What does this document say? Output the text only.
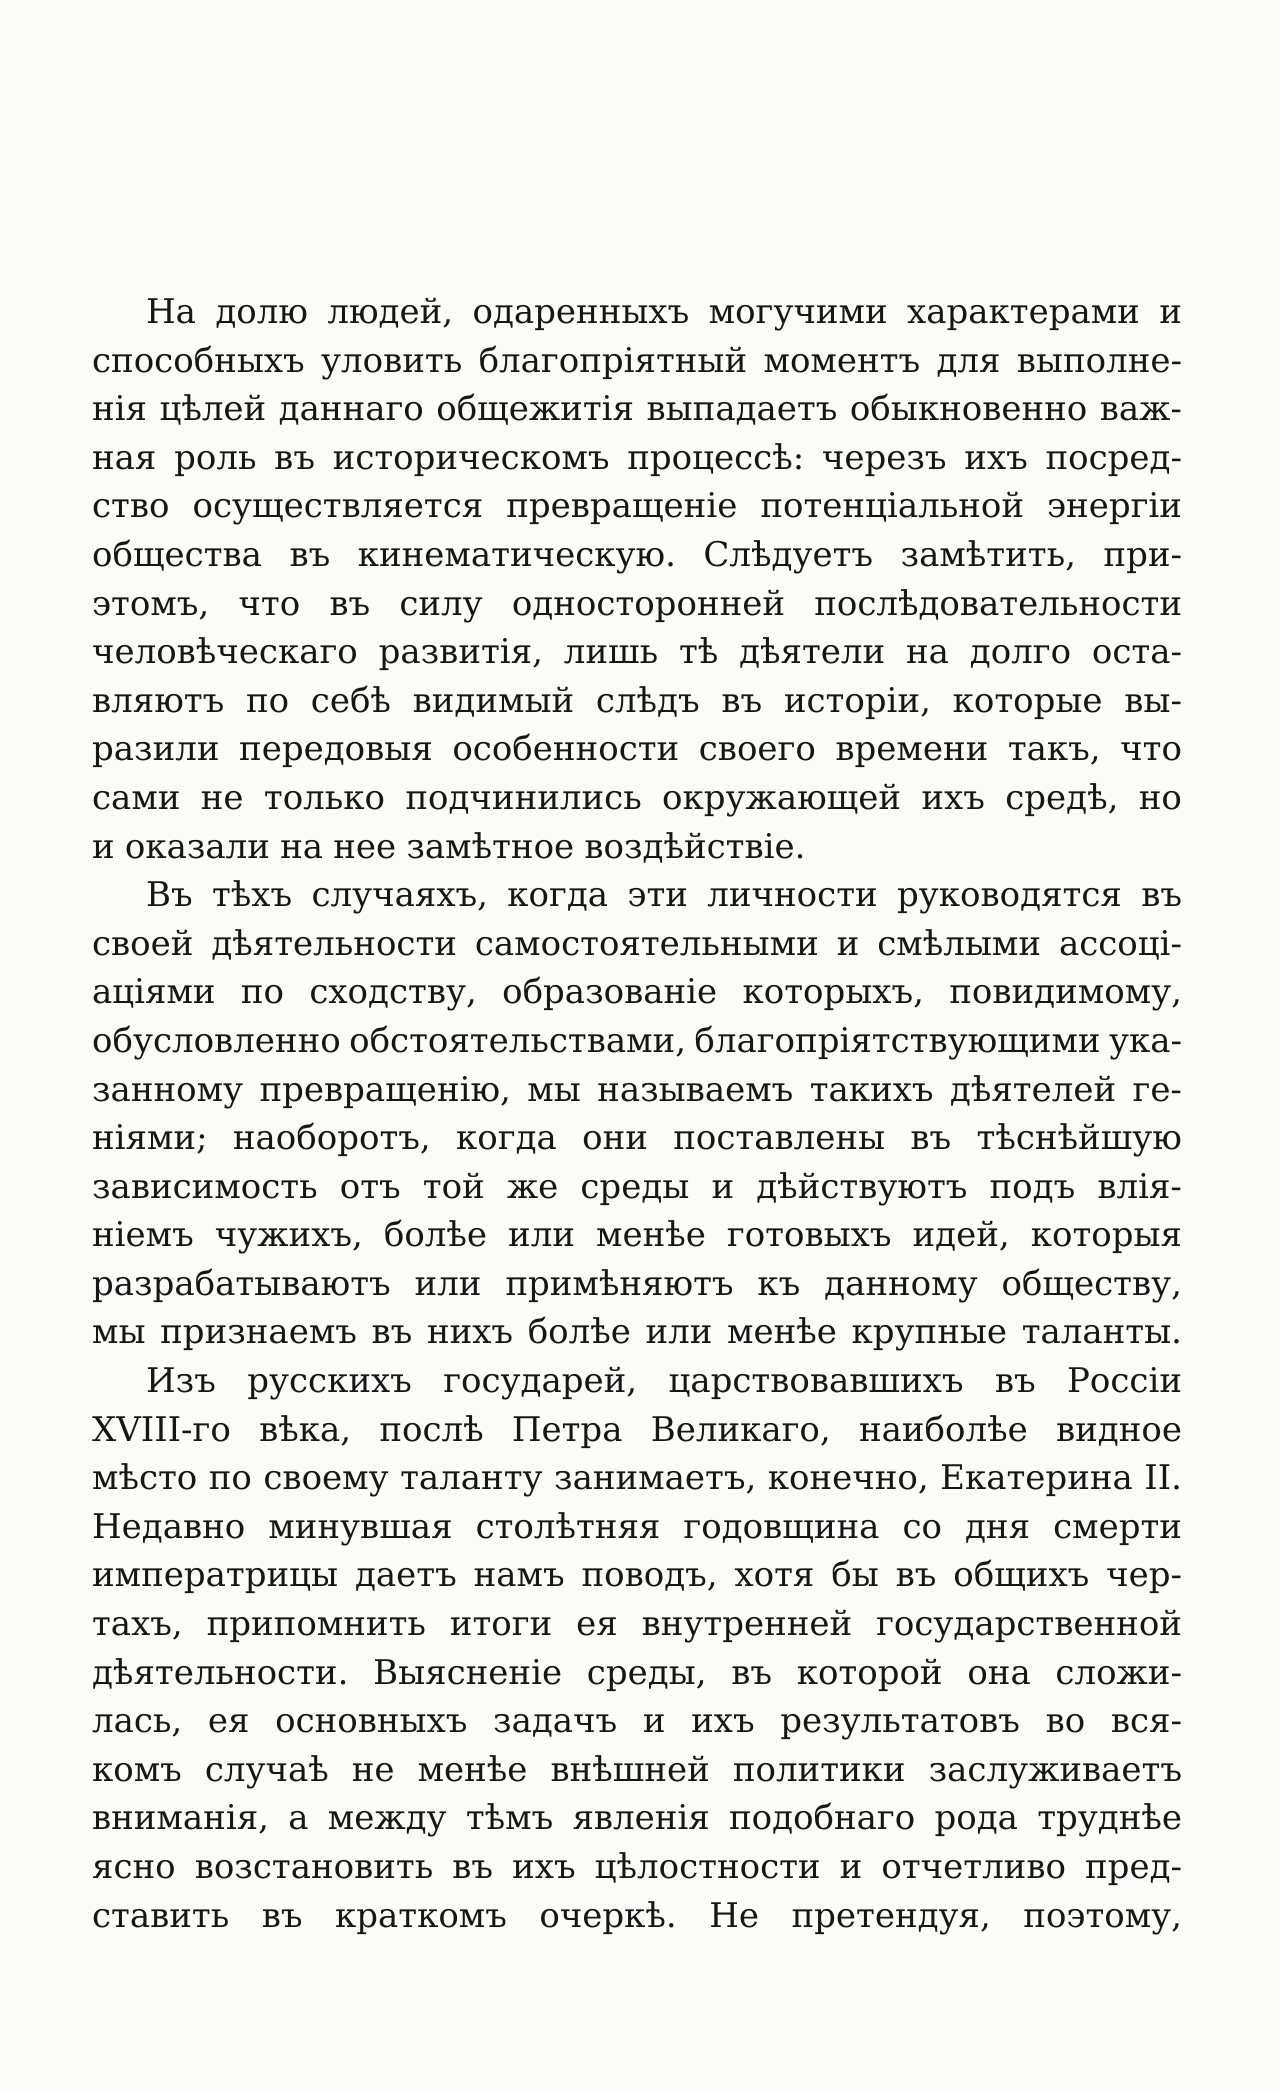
На долю людей, одаренныхъ могучими характерами и
способныхъ уловить благопріятный моментъ для выполне-
нія цѣлей даннаго общежитія выпадаетъ обыкновенно важ-
ная роль въ историческомъ процессѣ: черезъ ихъ посред-
ство осуществляется превращеніе потенціальной энергіи
общества въ кинематическую. Слѣдуетъ замѣтить, при-
этомъ, что въ силу односторонней послѣдовательности
человѣческаго развитія, лишь тѣ дѣятели на долго оста-
вляютъ по себѣ видимый слѣдъ въ исторіи, которые вы-
разили передовыя особенности своего времени такъ, что
сами не только подчинились окружающей ихъ средѣ, но
и оказали на нее замѣтное воздѣйствіе.
Въ тѣхъ случаяхъ, когда эти личности руководятся въ
своей дѣятельности самостоятельными и смѣлыми ассоці-
аціями по сходству, образованіе которыхъ, повидимому,
обусловленно обстоятельствами, благопріятствующими ука-
занному превращенію, мы называемъ такихъ дѣятелей ге-
ніями; наоборотъ, когда они поставлены въ тѣснѣйшую
зависимость отъ той же среды и дѣйствуютъ подъ влія-
ніемъ чужихъ, болѣе или менѣе готовыхъ идей, которыя
разрабатываютъ или примѣняютъ къ данному обществу,
мы признаемъ въ нихъ болѣе или менѣе крупные таланты.
Изъ русскихъ государей, царствовавшихъ въ Россіи
XVIII-го вѣка, послѣ Петра Великаго, наиболѣе видное
мѣсто по своему таланту занимаетъ, конечно, Екатерина II.
Недавно минувшая столѣтняя годовщина со дня смерти
императрицы даетъ намъ поводъ, хотя бы въ общихъ чер-
тахъ, припомнить итоги ея внутренней государственной
дѣятельности. Выясненіе среды, въ которой она сложи-
лась, ея основныхъ задачъ и ихъ результатовъ во вся-
комъ случаѣ не менѣе внѣшней политики заслуживаетъ
вниманія, а между тѣмъ явленія подобнаго рода труднѣе
ясно возстановить въ ихъ цѣлостности и отчетливо пред-
ставить въ краткомъ очеркѣ. Не претендуя, поэтому,
